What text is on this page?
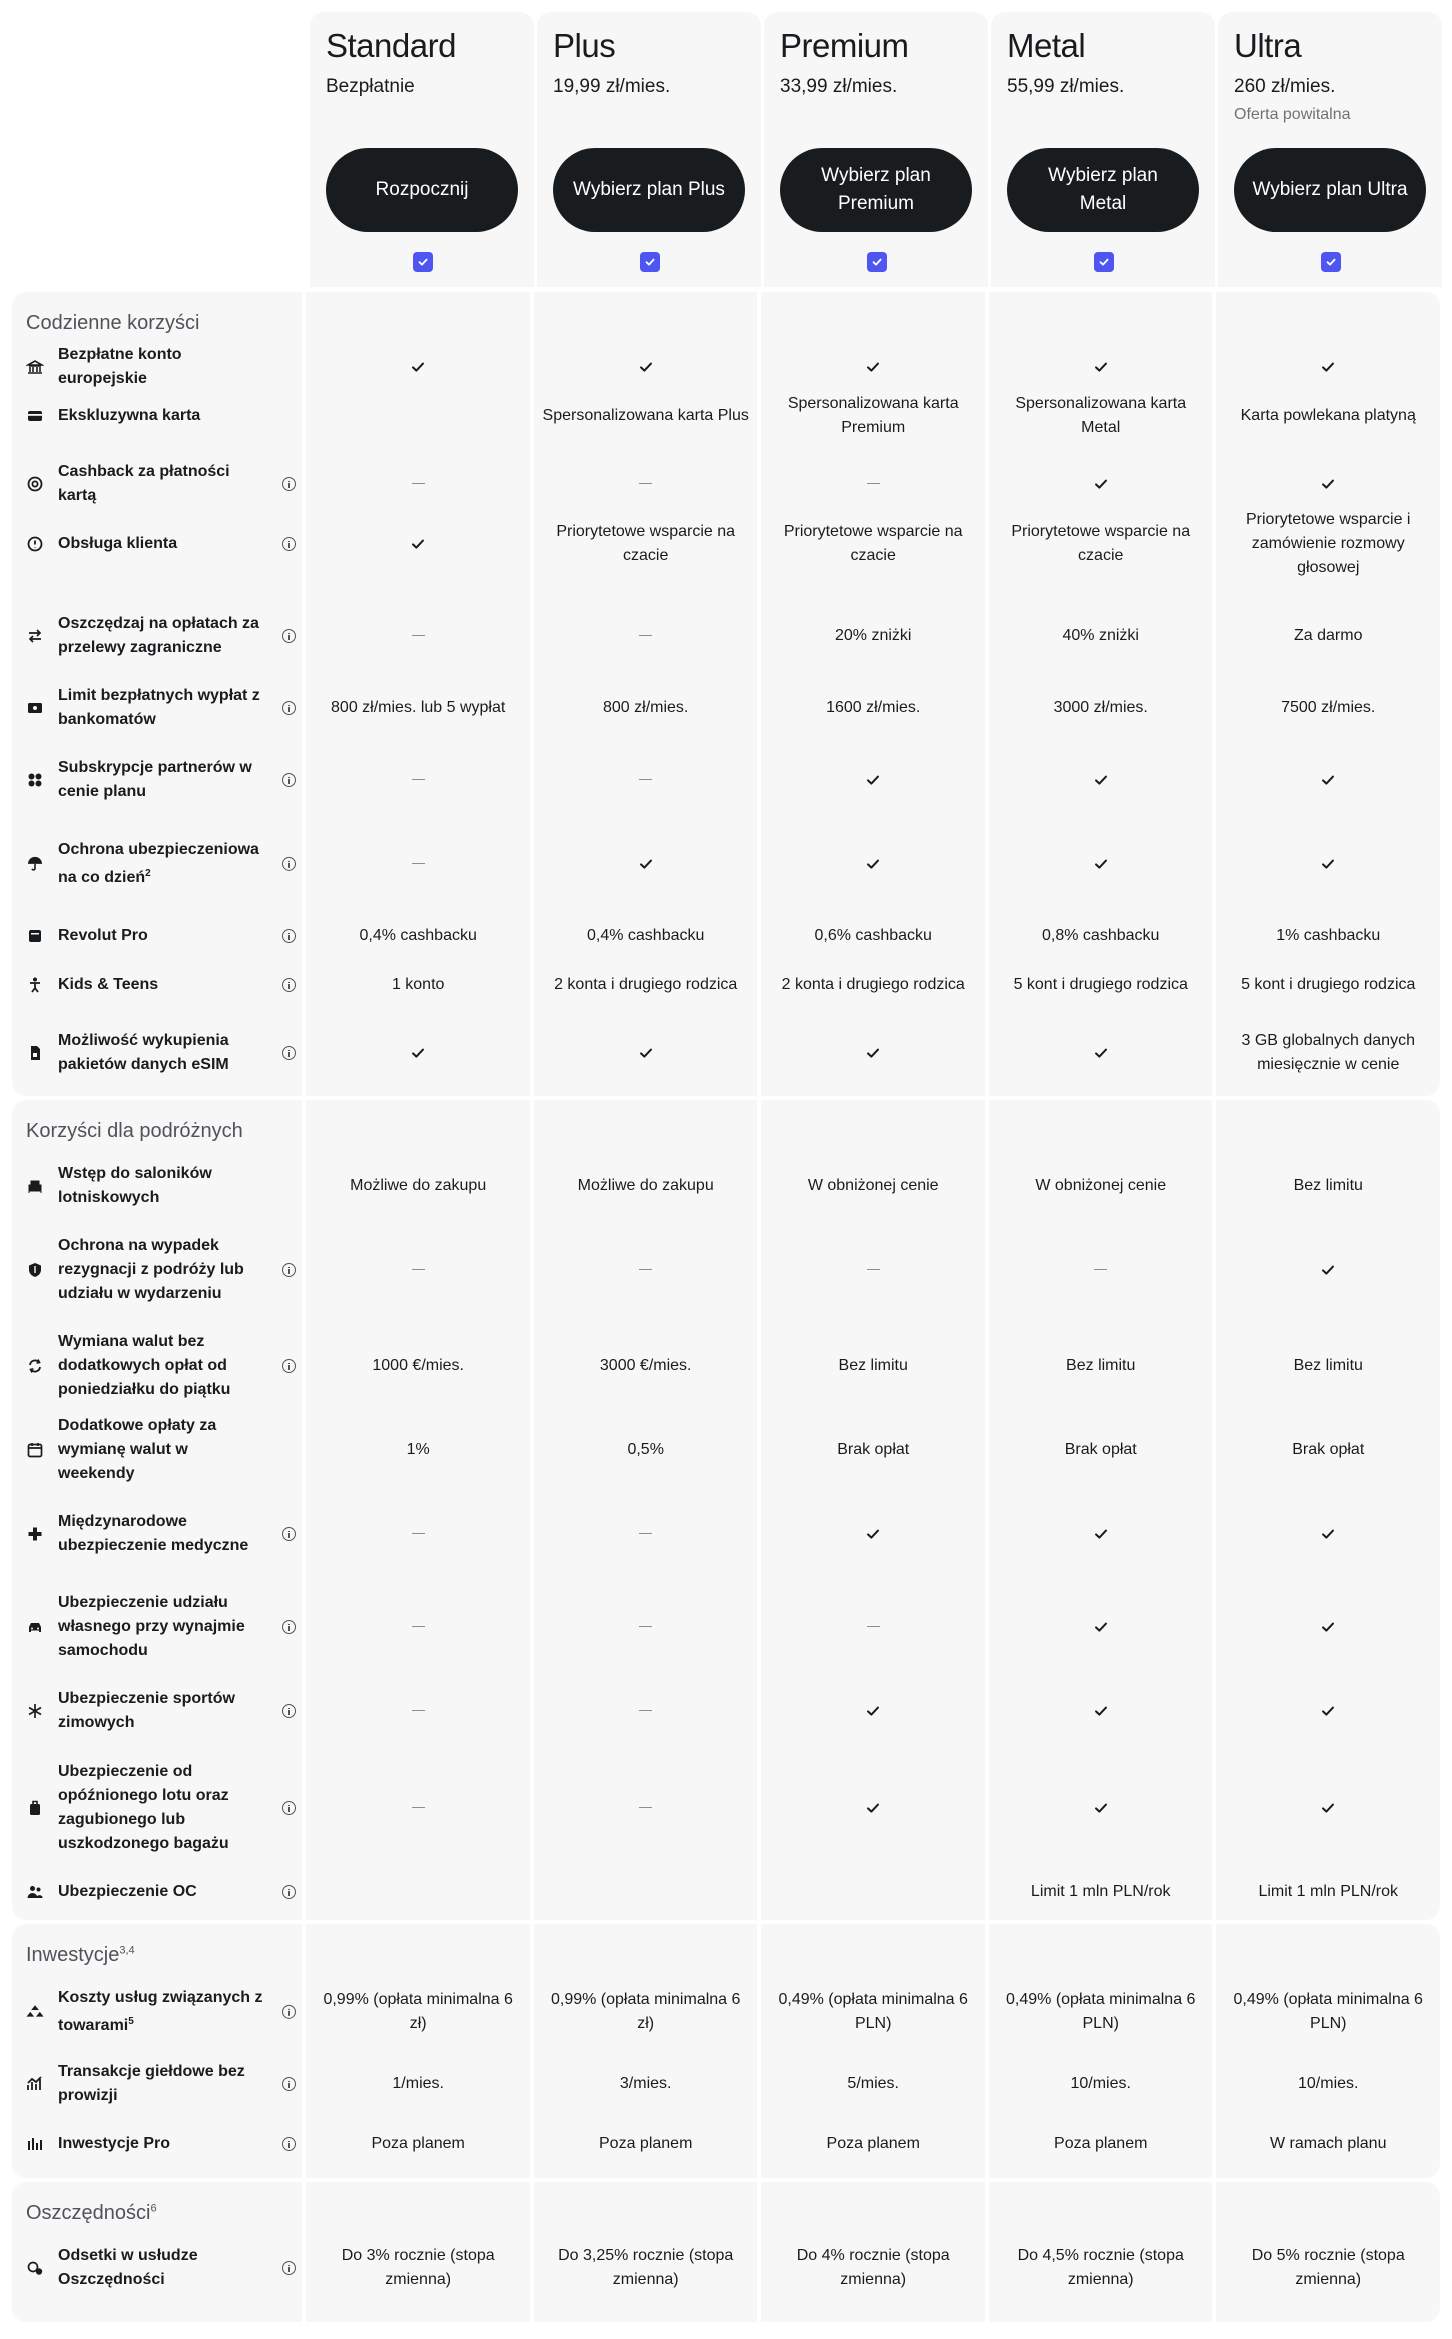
Standard
Bezpłatnie
Rozpocznij
Plus
19,99 zł/mies.
Wybierz plan Plus
Premium
33,99 zł/mies.
Wybierz plan Premium
Metal
55,99 zł/mies.
Wybierz plan Metal
Ultra
260 zł/mies.
Oferta powitalna
Wybierz plan Ultra
Codzienne korzyści
Bezpłatne konto europejskie
Ekskluzywna karta
Cashback za płatności kartą
Obsługa klienta
Oszczędzaj na opłatach za przelewy zagraniczne
Limit bezpłatnych wypłat z bankomatów
Subskrypcje partnerów w cenie planu
Ochrona ubezpieczeniowa na co dzień$^2$
Revolut Pro
Kids & Teens
Możliwość wykupienia pakietów danych eSIM
800 zł/mies. lub 5 wypłat
0,4% cashbacku
1 konto
Spersonalizowana karta Plus
Priorytetowe wsparcie na czacie
800 zł/mies.
0,4% cashbacku
2 konta i drugiego rodzica
Spersonalizowana karta Premium
Priorytetowe wsparcie na czacie
20% zniżki
1600 zł/mies.
0,6% cashbacku
2 konta i drugiego rodzica
Spersonalizowana karta Metal
Priorytetowe wsparcie na czacie
40% zniżki
3000 zł/mies.
0,8% cashbacku
5 kont i drugiego rodzica
Karta powlekana platyną
Priorytetowe wsparcie i zamówienie rozmowy głosowej
Za darmo
7500 zł/mies.
1% cashbacku
5 kont i drugiego rodzica
3 GB globalnych danych miesięcznie w cenie
Korzyści dla podróżnych
Wstęp do saloników lotniskowych
Ochrona na wypadek rezygnacji z podróży lub udziału w wydarzeniu
Wymiana walut bez dodatkowych opłat od poniedziałku do piątku
Dodatkowe opłaty za wymianę walut w weekendy
Międzynarodowe ubezpieczenie medyczne
Ubezpieczenie udziału własnego przy wynajmie samochodu
Ubezpieczenie sportów zimowych
Ubezpieczenie od opóźnionego lotu oraz zagubionego lub uszkodzonego bagażu
Ubezpieczenie OC
Możliwe do zakupu
1000 €/mies.
1%
Możliwe do zakupu
3000 €/mies.
0,5%
W obniżonej cenie
Bez limitu
Brak opłat
W obniżonej cenie
Bez limitu
Brak opłat
Limit 1 mln PLN/rok
Bez limitu
Bez limitu
Brak opłat
Limit 1 mln PLN/rok
Inwestycje$^{3,4}$
Koszty usług związanych z towarami$^5$
Transakcje giełdowe bez prowizji
Inwestycje Pro
0,99% (opłata minimalna 6 zł)
1/mies.
Poza planem
0,99% (opłata minimalna 6 zł)
3/mies.
Poza planem
0,49% (opłata minimalna 6 PLN)
5/mies.
Poza planem
0,49% (opłata minimalna 6 PLN)
10/mies.
Poza planem
0,49% (opłata minimalna 6 PLN)
10/mies.
W ramach planu
Oszczędności$^6$
Odsetki w usłudze Oszczędności
Do 3% rocznie (stopa zmienna)
Do 3,25% rocznie (stopa zmienna)
Do 4% rocznie (stopa zmienna)
Do 4,5% rocznie (stopa zmienna)
Do 5% rocznie (stopa zmienna)
